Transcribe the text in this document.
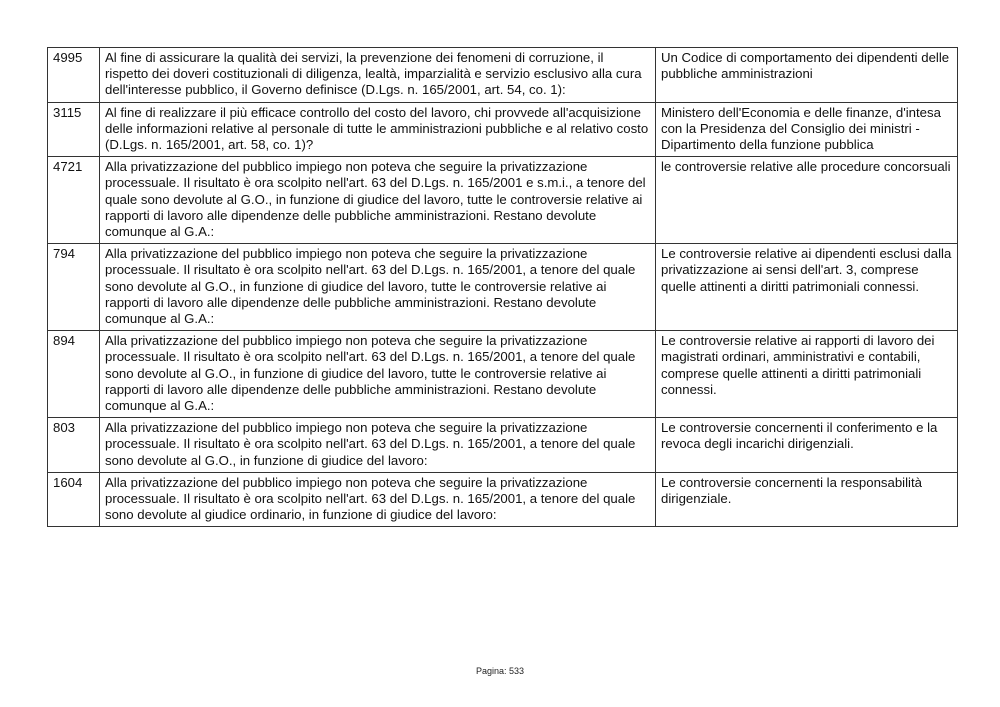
4995	Al fine di assicurare la qualità dei servizi, la prevenzione dei fenomeni di corruzione, il rispetto dei doveri costituzionali di diligenza, lealtà, imparzialità e servizio esclusivo alla cura dell'interesse pubblico, il Governo definisce (D.Lgs. n. 165/2001, art. 54, co. 1):	Un Codice di comportamento dei dipendenti delle pubbliche amministrazioni
3115	Al fine di realizzare il più efficace controllo del costo del lavoro, chi provvede all'acquisizione delle informazioni relative al personale di tutte le amministrazioni pubbliche e al relativo costo (D.Lgs. n. 165/2001, art. 58, co. 1)?	Ministero dell'Economia e delle finanze, d'intesa con la Presidenza del Consiglio dei ministri - Dipartimento della funzione pubblica
4721	Alla privatizzazione del pubblico impiego non poteva che seguire la privatizzazione processuale. Il risultato è ora scolpito nell'art. 63 del D.Lgs. n. 165/2001 e s.m.i., a tenore del quale sono devolute al G.O., in funzione di giudice del lavoro, tutte le controversie relative ai rapporti di lavoro alle dipendenze delle pubbliche amministrazioni. Restano devolute comunque al G.A.:	le controversie relative alle procedure concorsuali
794	Alla privatizzazione del pubblico impiego non poteva che seguire la privatizzazione processuale. Il risultato è ora scolpito nell'art. 63 del D.Lgs. n. 165/2001, a tenore del quale sono devolute al G.O., in funzione di giudice del lavoro, tutte le controversie relative ai rapporti di lavoro alle dipendenze delle pubbliche amministrazioni. Restano devolute comunque al G.A.:	Le controversie relative ai dipendenti esclusi dalla privatizzazione ai sensi dell'art. 3, comprese quelle attinenti a diritti patrimoniali connessi.
894	Alla privatizzazione del pubblico impiego non poteva che seguire la privatizzazione processuale. Il risultato è ora scolpito nell'art. 63 del D.Lgs. n. 165/2001, a tenore del quale sono devolute al G.O., in funzione di giudice del lavoro, tutte le controversie relative ai rapporti di lavoro alle dipendenze delle pubbliche amministrazioni. Restano devolute comunque al G.A.:	Le controversie relative ai rapporti di lavoro dei magistrati ordinari, amministrativi e contabili, comprese quelle attinenti a diritti patrimoniali connessi.
803	Alla privatizzazione del pubblico impiego non poteva che seguire la privatizzazione processuale. Il risultato è ora scolpito nell'art. 63 del D.Lgs. n. 165/2001, a tenore del quale sono devolute al G.O., in funzione di giudice del lavoro:	Le controversie concernenti il conferimento e la revoca degli incarichi dirigenziali.
1604	Alla privatizzazione del pubblico impiego non poteva che seguire la privatizzazione processuale. Il risultato è ora scolpito nell'art. 63 del D.Lgs. n. 165/2001, a tenore del quale sono devolute al giudice ordinario, in funzione di giudice del lavoro:	Le controversie concernenti la responsabilità dirigenziale.
Pagina: 533
